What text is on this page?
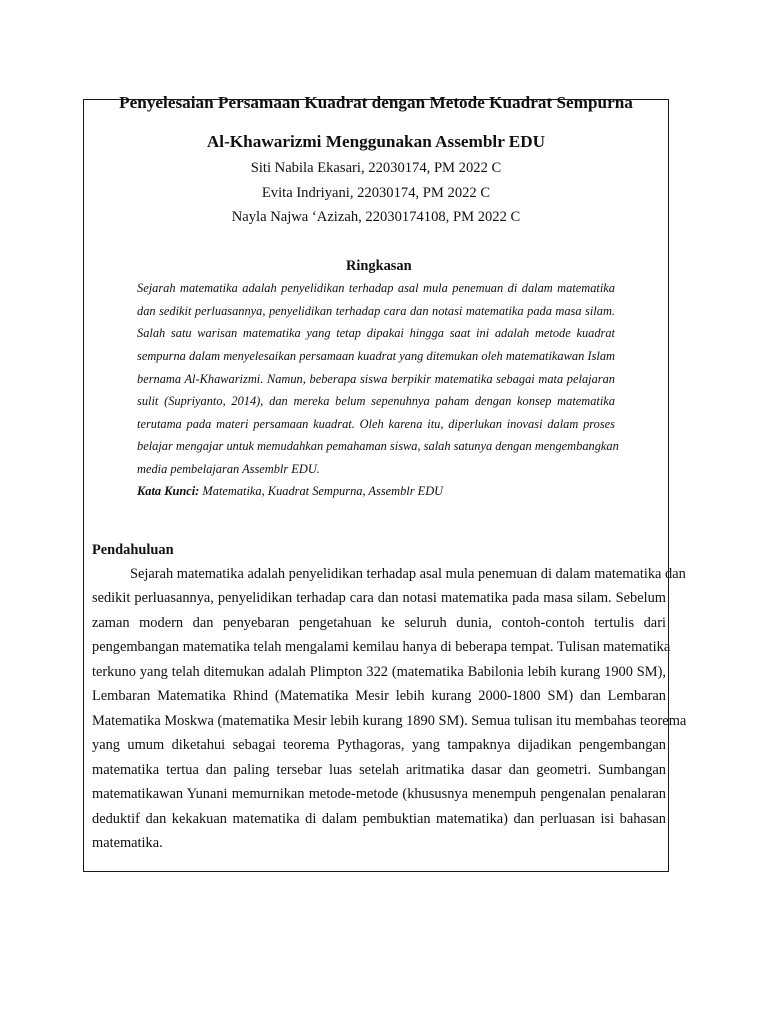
Penyelesaian Persamaan Kuadrat dengan Metode Kuadrat Sempurna
Al-Khawarizmi Menggunakan Assemblr EDU
Siti Nabila Ekasari, 22030174, PM 2022 C
Evita Indriyani, 22030174, PM 2022 C
Nayla Najwa ‘Azizah, 22030174108, PM 2022 C
Ringkasan
Sejarah matematika adalah penyelidikan terhadap asal mula penemuan di dalam matematika
dan sedikit perluasannya, penyelidikan terhadap cara dan notasi matematika pada masa silam.
Salah satu warisan matematika yang tetap dipakai hingga saat ini adalah metode kuadrat
sempurna dalam menyelesaikan persamaan kuadrat yang ditemukan oleh matematikawan Islam
bernama Al-Khawarizmi. Namun, beberapa siswa berpikir matematika sebagai mata pelajaran
sulit (Supriyanto, 2014), dan mereka belum sepenuhnya paham dengan konsep matematika
terutama pada materi persamaan kuadrat. Oleh karena itu, diperlukan inovasi dalam proses
belajar mengajar untuk memudahkan pemahaman siswa, salah satunya dengan mengembangkan
media pembelajaran Assemblr EDU.
Kata Kunci: Matematika, Kuadrat Sempurna, Assemblr EDU
Pendahuluan
Sejarah matematika adalah penyelidikan terhadap asal mula penemuan di dalam matematika dan
sedikit perluasannya, penyelidikan terhadap cara dan notasi matematika pada masa silam. Sebelum
zaman modern dan penyebaran pengetahuan ke seluruh dunia, contoh-contoh tertulis dari
pengembangan matematika telah mengalami kemilau hanya di beberapa tempat. Tulisan matematika
terkuno yang telah ditemukan adalah Plimpton 322 (matematika Babilonia lebih kurang 1900 SM),
Lembaran Matematika Rhind (Matematika Mesir lebih kurang 2000-1800 SM) dan Lembaran
Matematika Moskwa (matematika Mesir lebih kurang 1890 SM). Semua tulisan itu membahas teorema
yang umum diketahui sebagai teorema Pythagoras, yang tampaknya dijadikan pengembangan
matematika tertua dan paling tersebar luas setelah aritmatika dasar dan geometri. Sumbangan
matematikawan Yunani memurnikan metode-metode (khususnya menempuh pengenalan penalaran
deduktif dan kekakuan matematika di dalam pembuktian matematika) dan perluasan isi bahasan
matematika.
